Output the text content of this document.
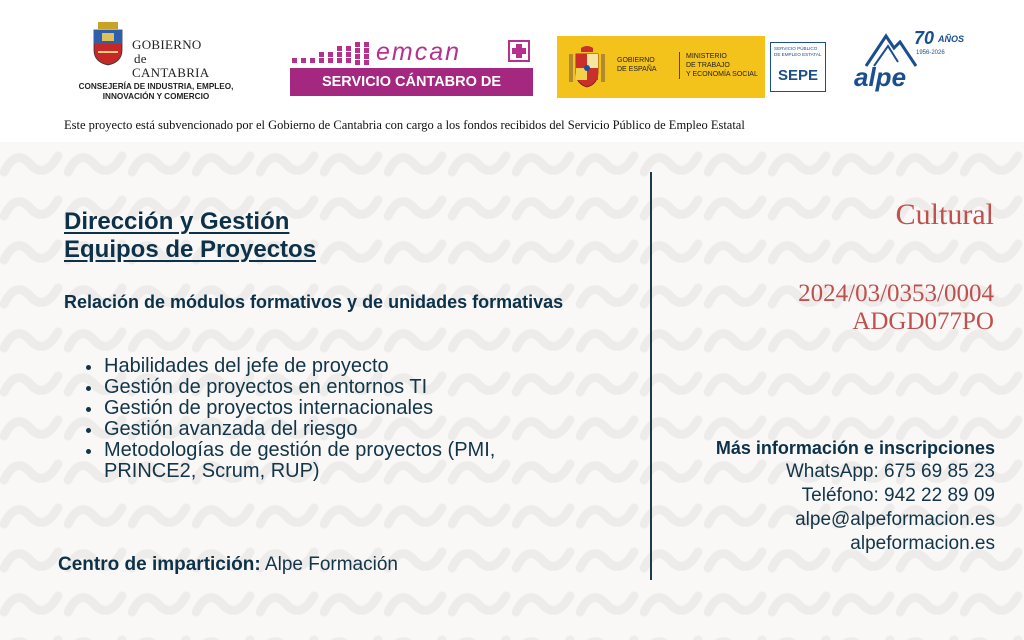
GOBIERNO
de
CANTABRIA
CONSEJERÍA DE INDUSTRIA, EMPLEO,
INNOVACIÓN Y COMERCIO
emcan
SERVICIO CÁNTABRO DE EMPLEO
GOBIERNO
DE ESPAÑA
MINISTERIO
DE TRABAJO
Y ECONOMÍA SOCIAL
SERVICIO PÚBLICO
DE EMPLEO ESTATAL
SEPE
70 AÑOS
1956-2026
alpe
Este proyecto está subvencionado por el Gobierno de Cantabria con cargo a los fondos recibidos del Servicio Público de Empleo Estatal
Dirección y Gestión
Equipos de Proyectos
Relación de módulos formativos y de unidades formativas
Habilidades del jefe de proyecto
Gestión de proyectos en entornos TI
Gestión de proyectos internacionales
Gestión avanzada del riesgo
Metodologías de gestión de proyectos (PMI, PRINCE2, Scrum, RUP)
Centro de impartición: Alpe Formación
Cultural
2024/03/0353/0004
ADGD077PO
Más información e inscripciones
WhatsApp: 675 69 85 23
Teléfono: 942 22 89 09
alpe@alpeformacion.es
alpeformacion.es
